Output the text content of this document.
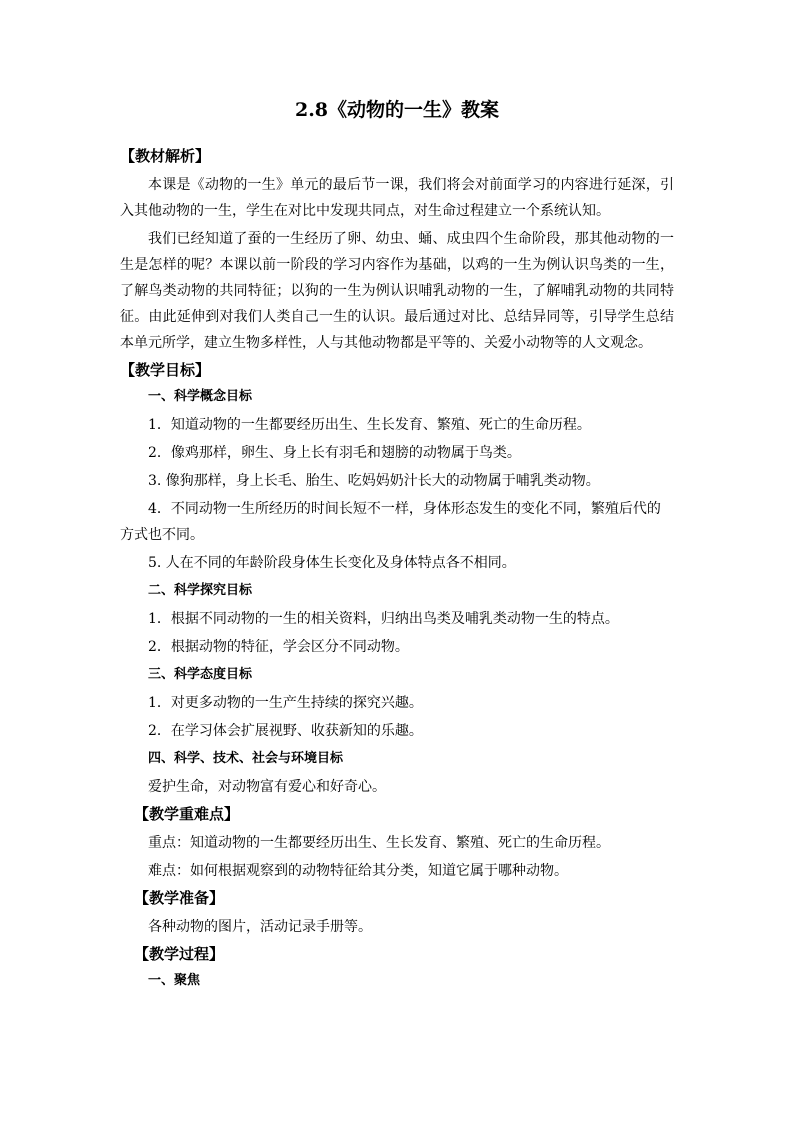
2.8《动物的一生》教案
【教材解析】
本课是《动物的一生》单元的最后节一课，我们将会对前面学习的内容进行延深，引入其他动物的一生，学生在对比中发现共同点，对生命过程建立一个系统认知。
我们已经知道了蚕的一生经历了卵、幼虫、蛹、成虫四个生命阶段，那其他动物的一生是怎样的呢？本课以前一阶段的学习内容作为基础，以鸡的一生为例认识鸟类的一生，了解鸟类动物的共同特征；以狗的一生为例认识哺乳动物的一生，了解哺乳动物的共同特征。由此延伸到对我们人类自己一生的认识。最后通过对比、总结异同等，引导学生总结本单元所学，建立生物多样性，人与其他动物都是平等的、关爱小动物等的人文观念。
【教学目标】
一、科学概念目标
1．知道动物的一生都要经历出生、生长发育、繁殖、死亡的生命历程。
2．像鸡那样，卵生、身上长有羽毛和翅膀的动物属于鸟类。
3. 像狗那样，身上长毛、胎生、吃妈妈奶汁长大的动物属于哺乳类动物。
4．不同动物一生所经历的时间长短不一样，身体形态发生的变化不同，繁殖后代的方式也不同。
5. 人在不同的年龄阶段身体生长变化及身体特点各不相同。
二、科学探究目标
1．根据不同动物的一生的相关资料，归纳出鸟类及哺乳类动物一生的特点。
2．根据动物的特征，学会区分不同动物。
三、科学态度目标
1．对更多动物的一生产生持续的探究兴趣。
2．在学习体会扩展视野、收获新知的乐趣。
四、科学、技术、社会与环境目标
爱护生命，对动物富有爱心和好奇心。
【教学重难点】
重点：知道动物的一生都要经历出生、生长发育、繁殖、死亡的生命历程。
难点：如何根据观察到的动物特征给其分类，知道它属于哪种动物。
【教学准备】
各种动物的图片，活动记录手册等。
【教学过程】
一、聚焦
